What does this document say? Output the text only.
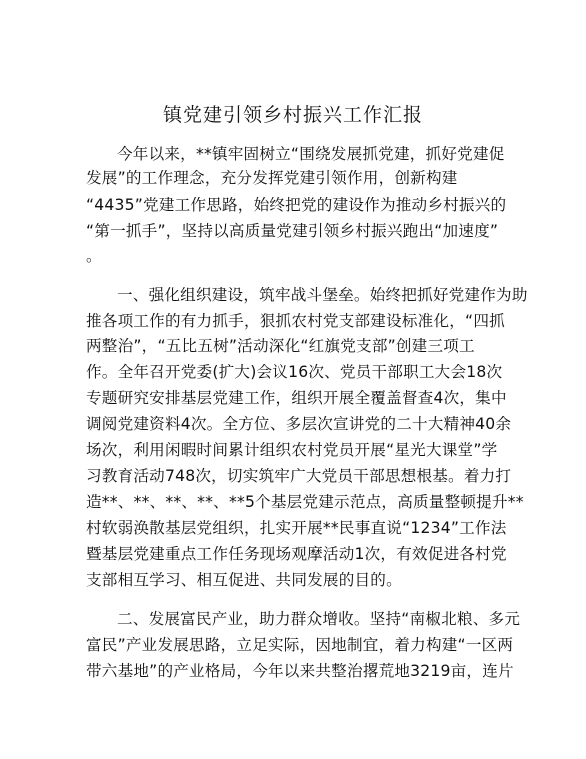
镇党建引领乡村振兴工作汇报
今年以来，**镇牢固树立“围绕发展抓党建，抓好党建促
发展”的工作理念，充分发挥党建引领作用，创新构建
“4435”党建工作思路，始终把党的建设作为推动乡村振兴的
“第一抓手”，坚持以高质量党建引领乡村振兴跑出“加速度”
。
一、强化组织建设，筑牢战斗堡垒。始终把抓好党建作为助
推各项工作的有力抓手，狠抓农村党支部建设标准化，“四抓
两整治”，“五比五树”活动深化“红旗党支部”创建三项工
作。全年召开党委(扩大)会议16次、党员干部职工大会18次
专题研究安排基层党建工作，组织开展全覆盖督查4次，集中
调阅党建资料4次。全方位、多层次宣讲党的二十大精神40余
场次，利用闲暇时间累计组织农村党员开展“星光大课堂”学
习教育活动748次，切实筑牢广大党员干部思想根基。着力打
造**、**、**、**、**5个基层党建示范点，高质量整顿提升**
村软弱涣散基层党组织，扎实开展**民事直说“1234”工作法
暨基层党建重点工作任务现场观摩活动1次，有效促进各村党
支部相互学习、相互促进、共同发展的目的。
二、发展富民产业，助力群众增收。坚持“南椒北粮、多元
富民”产业发展思路，立足实际，因地制宜，着力构建“一区两
带六基地”的产业格局，今年以来共整治撂荒地3219亩，连片
